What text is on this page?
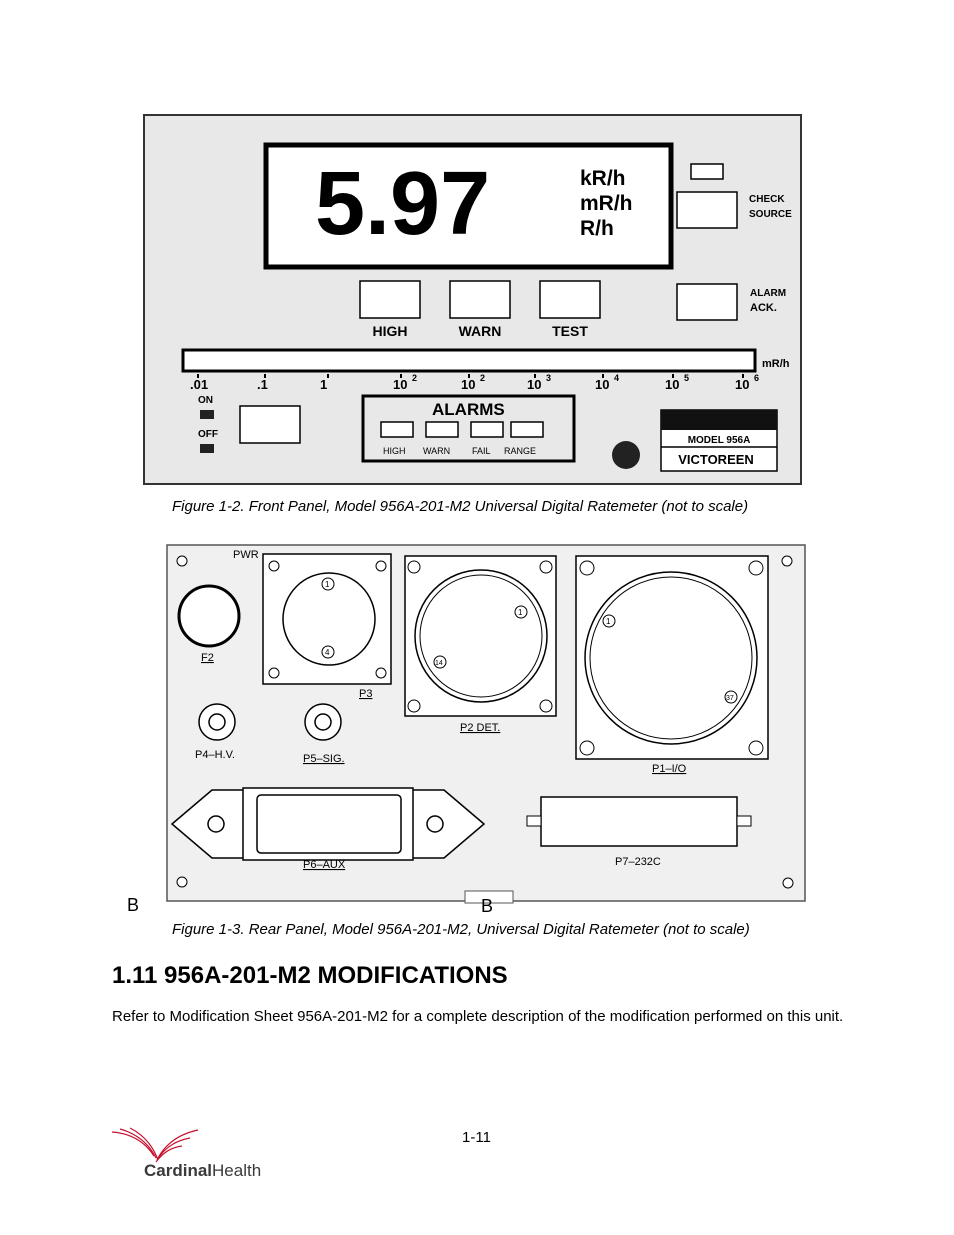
5.97	kR/h
mR/h
R/h
CHECK
SOURCE
ALARM
ACK.
HIGH	WARN	TEST
mR/h
.01	.1	1	10 2	10 2	10 3	10 4	10 5	10 6
ON
OFF
ALARMS
HIGH WARN FAIL RANGE
MODEL 956A
VICTOREEN
Figure 1-2. Front Panel, Model 956A-201-M2 Universal Digital Ratemeter (not to scale)
PWR
F2
1
4
P3
1
14
P2 DET.
1
37
P1–I/O
P4–H.V.	P5–SIG.
P6–AUX	P7–232C
B	B
Figure 1-3. Rear Panel, Model 956A-201-M2, Universal Digital Ratemeter (not to scale)
1.11 956A-201-M2 MODIFICATIONS
Refer to Modification Sheet 956A-201-M2 for a complete description of the modification performed on this unit.
1-11
CardinalHealth
